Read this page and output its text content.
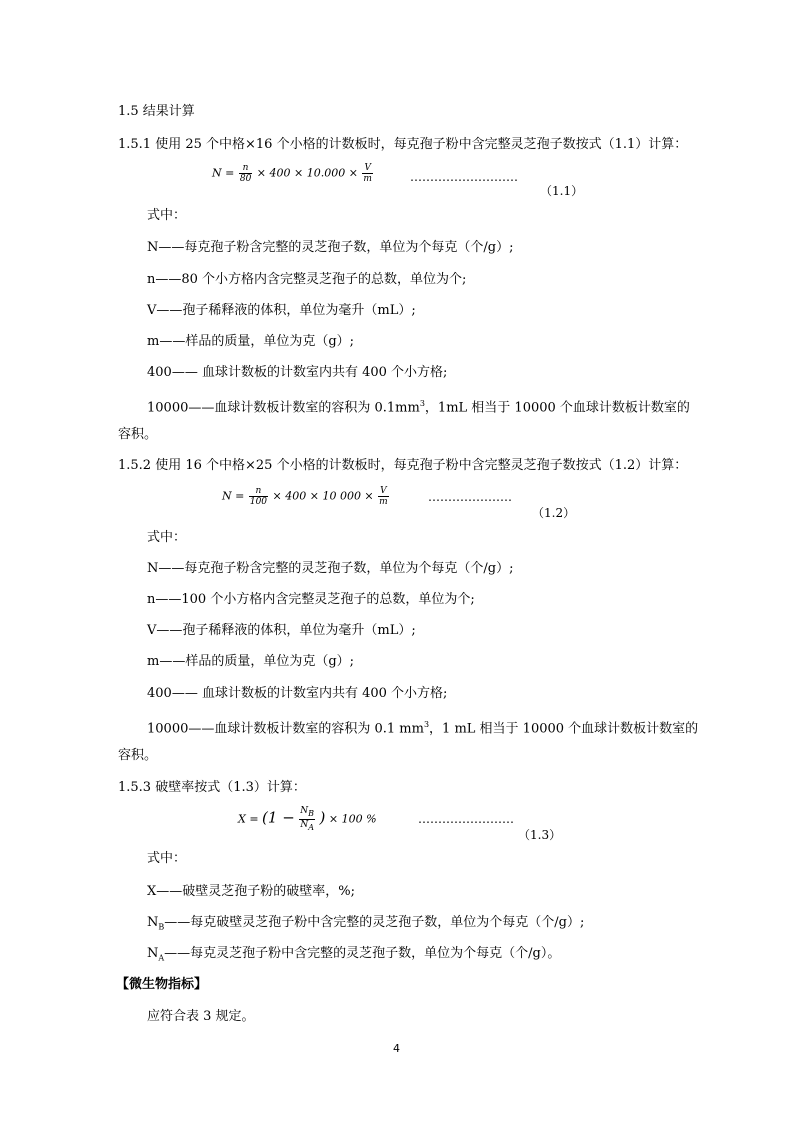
1.5 结果计算
1.5.1 使用 25 个中格×16 个小格的计数板时，每克孢子粉中含完整灵芝孢子数按式（1.1）计算：
$N = \frac{n}{80} \times 400 \times 10.000 \times \frac{V}{m}$	………………………
（1.1）
式中：
N——每克孢子粉含完整的灵芝孢子数，单位为个每克（个/g）;
n——80 个小方格内含完整灵芝孢子的总数，单位为个;
V——孢子稀释液的体积，单位为毫升（mL）;
m——样品的质量，单位为克（g）;
400—— 血球计数板的计数室内共有 400 个小方格;
10000——血球计数板计数室的容积为 $0.1mm^3$，1mL 相当于 10000 个血球计数板计数室的
容积。
1.5.2 使用 16 个中格×25 个小格的计数板时，每克孢子粉中含完整灵芝孢子数按式（1.2）计算：
$N = \frac{n}{100} \times 400 \times 10$ $000 \times \frac{V}{m}$	…………………
（1.2）
式中：
N——每克孢子粉含完整的灵芝孢子数，单位为个每克（个/g）;
n——100 个小方格内含完整灵芝孢子的总数，单位为个;
V——孢子稀释液的体积，单位为毫升（mL）;
m——样品的质量，单位为克（g）;
400—— 血球计数板的计数室内共有 400 个小方格;
10000——血球计数板计数室的容积为 0.1 $mm^3$，1 mL 相当于 10000 个血球计数板计数室的
容积。
1.5.3 破壁率按式（1.3）计算：
$X = (1 - \frac{N_B}{N_A}$ ) × 100 %	……………………
（1.3）
式中：
X——破壁灵芝孢子粉的破壁率，%;
$N_B——$每克破壁灵芝孢子粉中含完整的灵芝孢子数，单位为个每克（个/g）;
$N_A——$每克灵芝孢子粉中含完整的灵芝孢子数，单位为个每克（个/g）。
【微生物指标】
应符合表 3 规定。
4
